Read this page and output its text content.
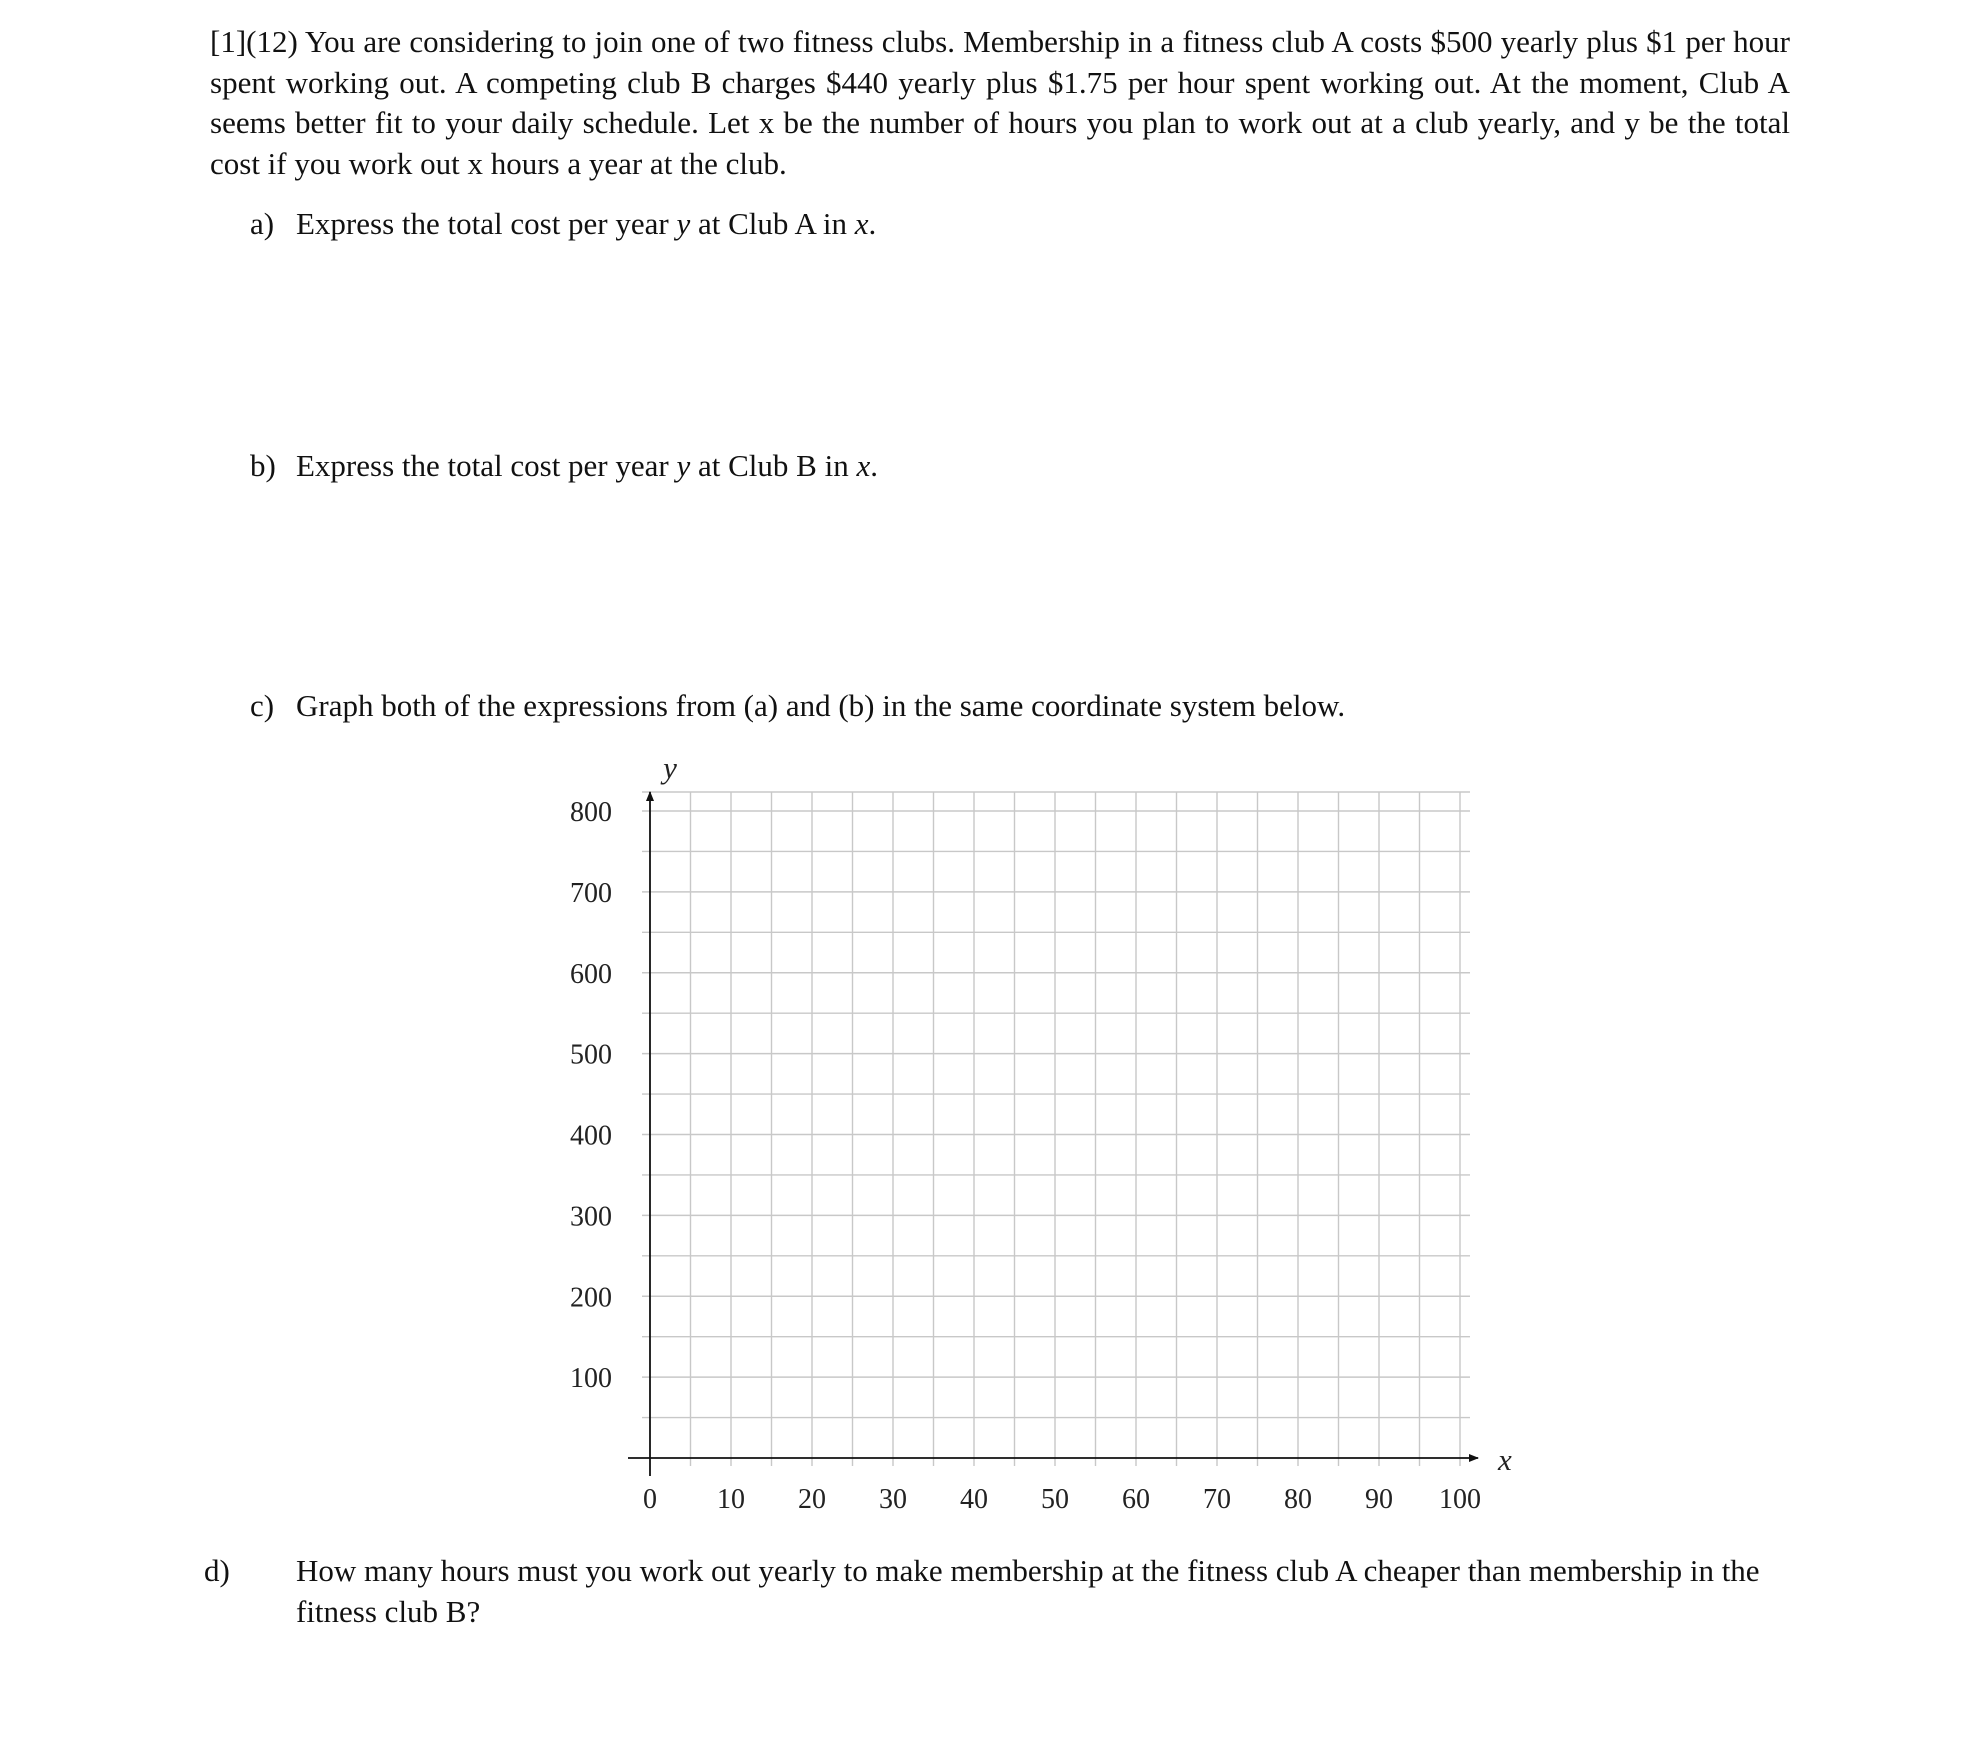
[1](12) You are considering to join one of two fitness clubs. Membership in a fitness club A costs $500 yearly plus $1 per hour spent working out. A competing club B charges $440 yearly plus $1.75 per hour spent working out. At the moment, Club A seems better fit to your daily schedule. Let x be the number of hours you plan to work out at a club yearly, and y be the total cost if you work out x hours a year at the club.
a) Express the total cost per year y at Club A in x.
b) Express the total cost per year y at Club B in x.
c) Graph both of the expressions from (a) and (b) in the same coordinate system below.
d) How many hours must you work out yearly to make membership at the fitness club A cheaper than membership in the fitness club B?
0 10 20 30 40 50 60 70 80 90 100
100
200
300
400
500
600
700
800
x
y
